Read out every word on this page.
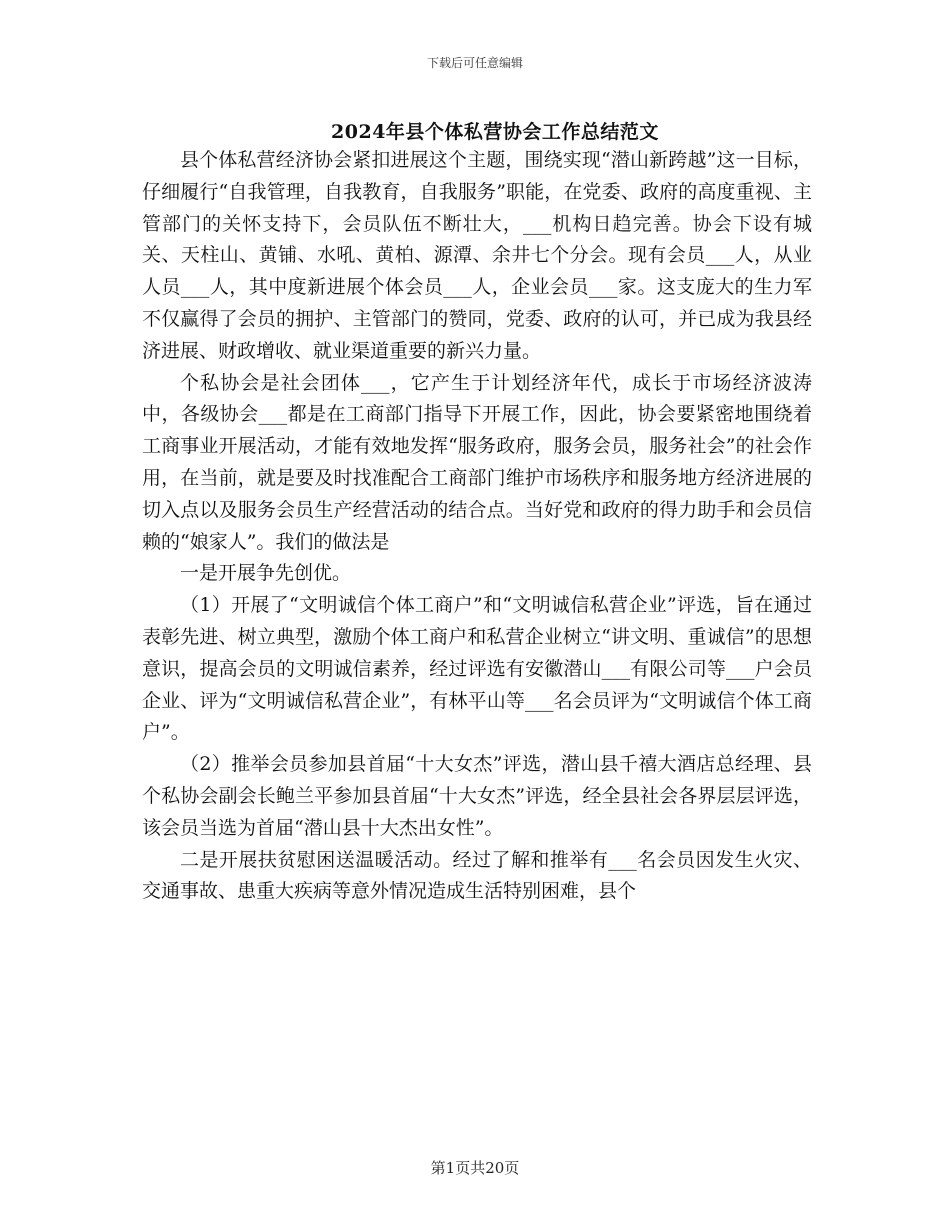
下载后可任意编辑
2024年县个体私营协会工作总结范文

县个体私营经济协会紧扣进展这个主题，围绕实现“潜山新跨越”这一目标，仔细履行“自我管理，自我教育，自我服务”职能，在党委、政府的高度重视、主管部门的关怀支持下，会员队伍不断壮大，___机构日趋完善。协会下设有城关、天柱山、黄铺、水吼、黄柏、源潭、余井七个分会。现有会员___人，从业人员___人，其中度新进展个体会员___人，企业会员___家。这支庞大的生力军不仅赢得了会员的拥护、主管部门的赞同，党委、政府的认可，并已成为我县经济进展、财政增收、就业渠道重要的新兴力量。

个私协会是社会团体___，它产生于计划经济年代，成长于市场经济波涛中，各级协会___都是在工商部门指导下开展工作，因此，协会要紧密地围绕着工商事业开展活动，才能有效地发挥“服务政府，服务会员，服务社会”的社会作用，在当前，就是要及时找准配合工商部门维护市场秩序和服务地方经济进展的切入点以及服务会员生产经营活动的结合点。当好党和政府的得力助手和会员信赖的“娘家人”。我们的做法是

一是开展争先创优。

（1）开展了“文明诚信个体工商户”和“文明诚信私营企业”评选，旨在通过表彰先进、树立典型，激励个体工商户和私营企业树立“讲文明、重诚信”的思想意识，提高会员的文明诚信素养，经过评选有安徽潜山___有限公司等___户会员企业、评为“文明诚信私营企业”，有林平山等___名会员评为“文明诚信个体工商户”。

（2）推举会员参加县首届“十大女杰”评选，潜山县千禧大酒店总经理、县个私协会副会长鲍兰平参加县首届“十大女杰”评选，经全县社会各界层层评选，该会员当选为首届“潜山县十大杰出女性”。

二是开展扶贫慰困送温暖活动。经过了解和推举有___名会员因发生火灾、交通事故、患重大疾病等意外情况造成生活特别困难，县个

第1页共20页
